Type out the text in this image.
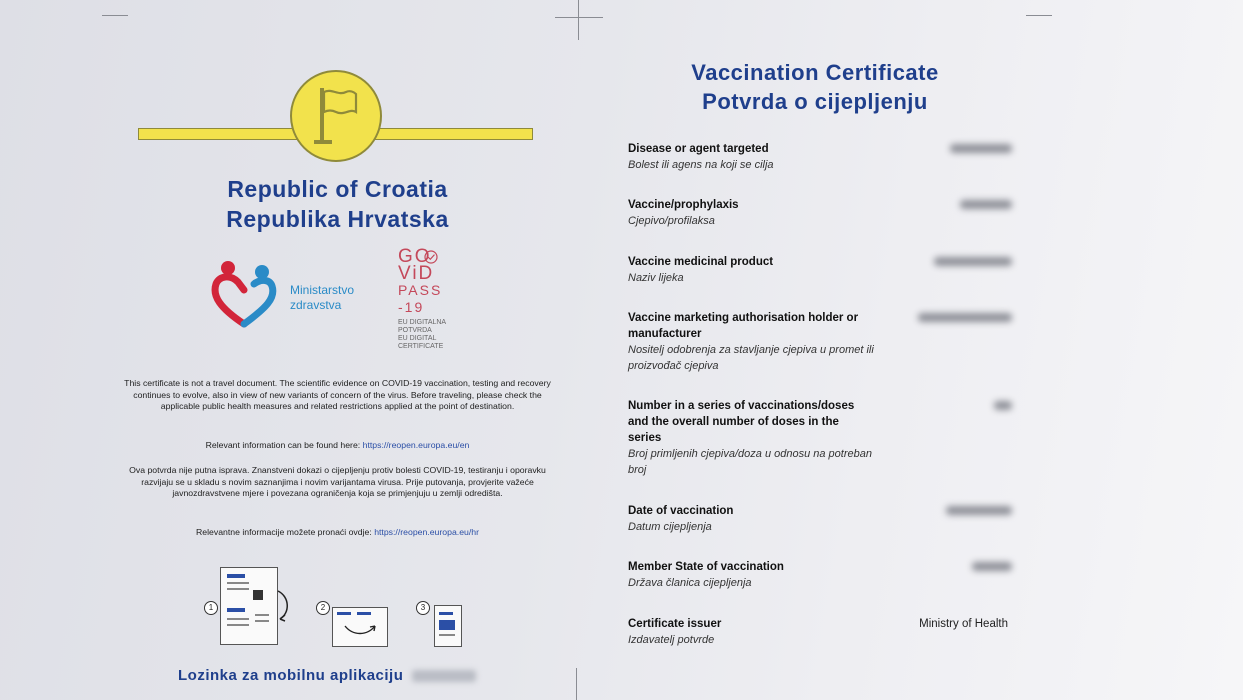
Republic of Croatia
Republika Hrvatska
Ministarstvo
zdravstva
GO
ViD
PASS -19
EU DIGITALNA
POTVRDA
EU DIGITAL
CERTIFICATE
This certificate is not a travel document. The scientific evidence on COVID-19 vaccination, testing and recovery continues to evolve, also in view of new variants of concern of the virus. Before traveling, please check the applicable public health measures and related restrictions applied at the point of destination.
Relevant information can be found here: https://reopen.europa.eu/en
Ova potvrda nije putna isprava. Znanstveni dokazi o cijepljenju protiv bolesti COVID-19, testiranju i oporavku razvijaju se u skladu s novim saznanjima i novim varijantama virusa. Prije putovanja, provjerite važeće javnozdravstvene mjere i povezana ograničenja koja se primjenjuju u zemlji odredišta.
Relevantne informacije možete pronaći ovdje: https://reopen.europa.eu/hr
1	2	3
Lozinka za mobilnu aplikaciju
Vaccination Certificate
Potvrda o cijepljenju
Disease or agent targeted
Bolest ili agens na koji se cilja
Vaccine/prophylaxis
Cjepivo/profilaksa
Vaccine medicinal product
Naziv lijeka
Vaccine marketing authorisation holder or manufacturer
Nositelj odobrenja za stavljanje cjepiva u promet ili proizvođač cjepiva
Number in a series of vaccinations/doses and the overall number of doses in the series
Broj primljenih cjepiva/doza u odnosu na potreban broj
Date of vaccination
Datum cijepljenja
Member State of vaccination
Država članica cijepljenja
Certificate issuer
Izdavatelj potvrde
Ministry of Health
